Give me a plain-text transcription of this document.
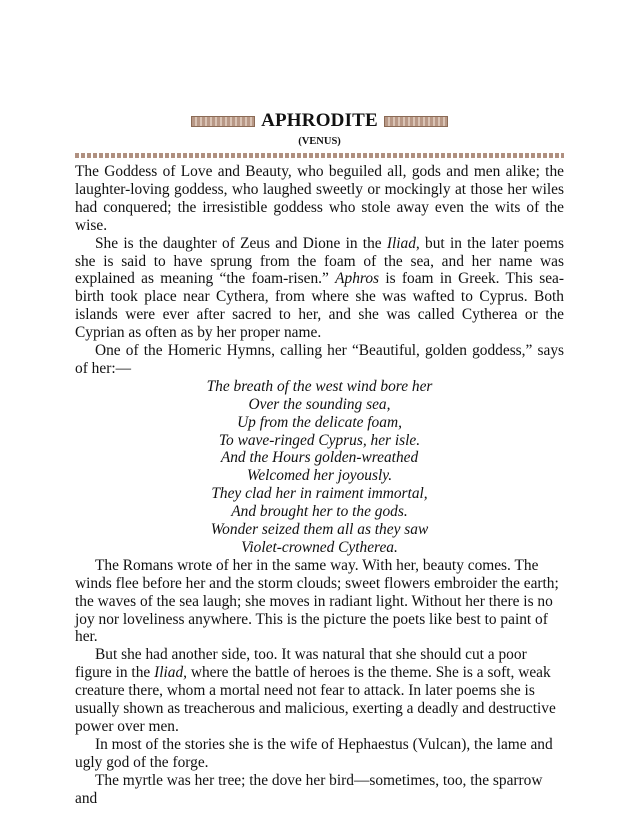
APHRODITE
(VENUS)

The Goddess of Love and Beauty, who beguiled all, gods and men alike; the laughter-loving goddess, who laughed sweetly or mockingly at those her wiles had conquered; the irresistible goddess who stole away even the wits of the wise.

She is the daughter of Zeus and Dione in the Iliad, but in the later poems she is said to have sprung from the foam of the sea, and her name was explained as meaning “the foam-risen.” Aphros is foam in Greek. This sea-birth took place near Cythera, from where she was wafted to Cyprus. Both islands were ever after sacred to her, and she was called Cytherea or the Cyprian as often as by her proper name.

One of the Homeric Hymns, calling her “Beautiful, golden goddess,” says of her:—

The breath of the west wind bore her
Over the sounding sea,
Up from the delicate foam,
To wave-ringed Cyprus, her isle.
And the Hours golden-wreathed
Welcomed her joyously.
They clad her in raiment immortal,
And brought her to the gods.
Wonder seized them all as they saw
Violet-crowned Cytherea.

The Romans wrote of her in the same way. With her, beauty comes. The winds flee before her and the storm clouds; sweet flowers embroider the earth; the waves of the sea laugh; she moves in radiant light. Without her there is no joy nor loveliness anywhere. This is the picture the poets like best to paint of her.

But she had another side, too. It was natural that she should cut a poor figure in the Iliad, where the battle of heroes is the theme. She is a soft, weak creature there, whom a mortal need not fear to attack. In later poems she is usually shown as treacherous and malicious, exerting a deadly and destructive power over men.

In most of the stories she is the wife of Hephaestus (Vulcan), the lame and ugly god of the forge.

The myrtle was her tree; the dove her bird—sometimes, too, the sparrow and
